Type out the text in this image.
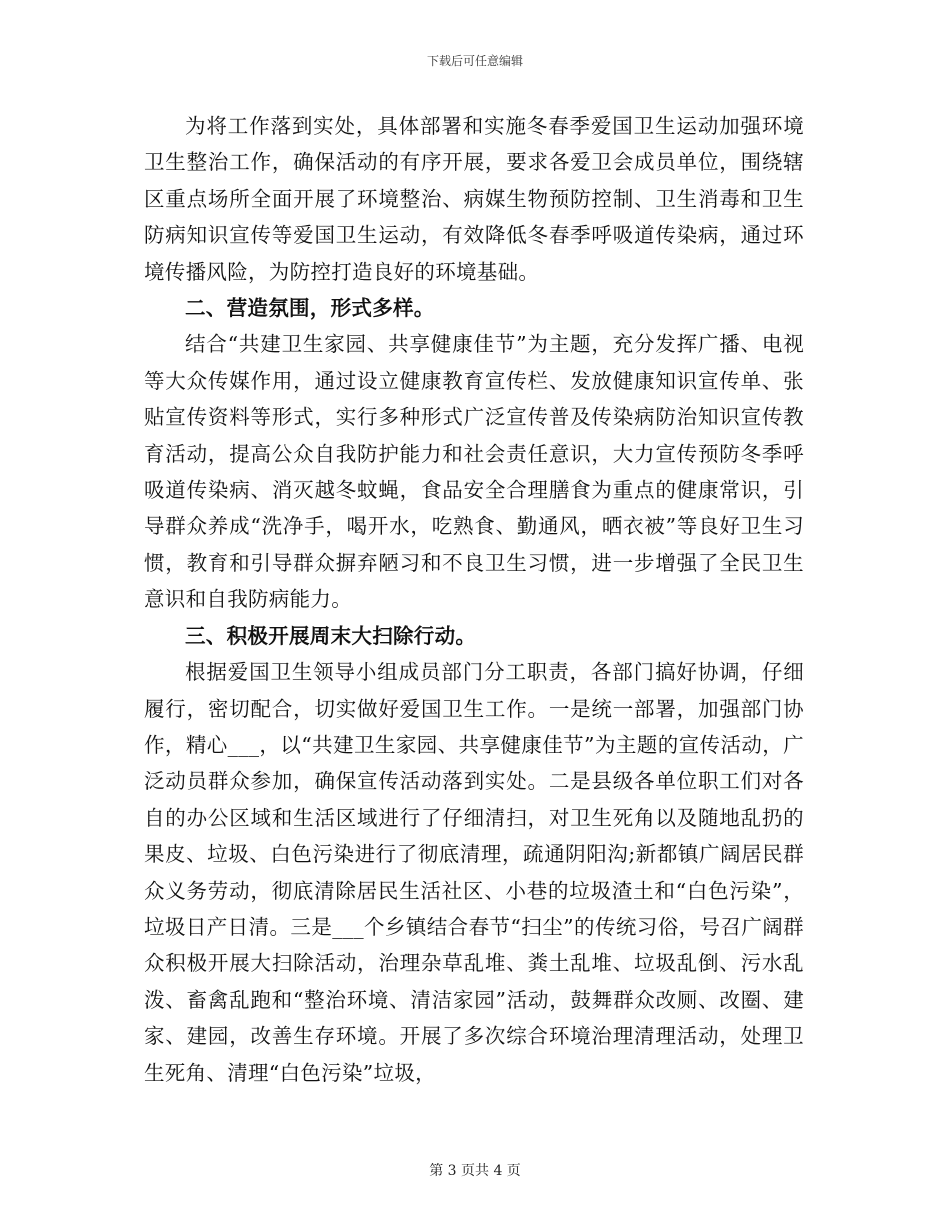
下载后可任意编辑

为将工作落到实处，具体部署和实施冬春季爱国卫生运动加强环境卫生整治工作，确保活动的有序开展，要求各爱卫会成员单位，围绕辖区重点场所全面开展了环境整治、病媒生物预防控制、卫生消毒和卫生防病知识宣传等爱国卫生运动，有效降低冬春季呼吸道传染病，通过环境传播风险，为防控打造良好的环境基础。

二、营造氛围，形式多样。

结合“共建卫生家园、共享健康佳节”为主题，充分发挥广播、电视等大众传媒作用，通过设立健康教育宣传栏、发放健康知识宣传单、张贴宣传资料等形式，实行多种形式广泛宣传普及传染病防治知识宣传教育活动，提高公众自我防护能力和社会责任意识，大力宣传预防冬季呼吸道传染病、消灭越冬蚊蝇，食品安全合理膳食为重点的健康常识，引导群众养成“洗净手，喝开水，吃熟食、勤通风，晒衣被”等良好卫生习惯，教育和引导群众摒弃陋习和不良卫生习惯，进一步增强了全民卫生意识和自我防病能力。

三、积极开展周末大扫除行动。

根据爱国卫生领导小组成员部门分工职责，各部门搞好协调，仔细履行，密切配合，切实做好爱国卫生工作。一是统一部署，加强部门协作，精心___，以“共建卫生家园、共享健康佳节”为主题的宣传活动，广泛动员群众参加，确保宣传活动落到实处。二是县级各单位职工们对各自的办公区域和生活区域进行了仔细清扫，对卫生死角以及随地乱扔的果皮、垃圾、白色污染进行了彻底清理，疏通阴阳沟;新都镇广阔居民群众义务劳动，彻底清除居民生活社区、小巷的垃圾渣土和“白色污染”，垃圾日产日清。三是___个乡镇结合春节“扫尘”的传统习俗，号召广阔群众积极开展大扫除活动，治理杂草乱堆、粪土乱堆、垃圾乱倒、污水乱泼、畜禽乱跑和“整治环境、清洁家园”活动，鼓舞群众改厕、改圈、建家、建园，改善生存环境。开展了多次综合环境治理清理活动，处理卫生死角、清理“白色污染”垃圾，

第 3 页共 4 页
